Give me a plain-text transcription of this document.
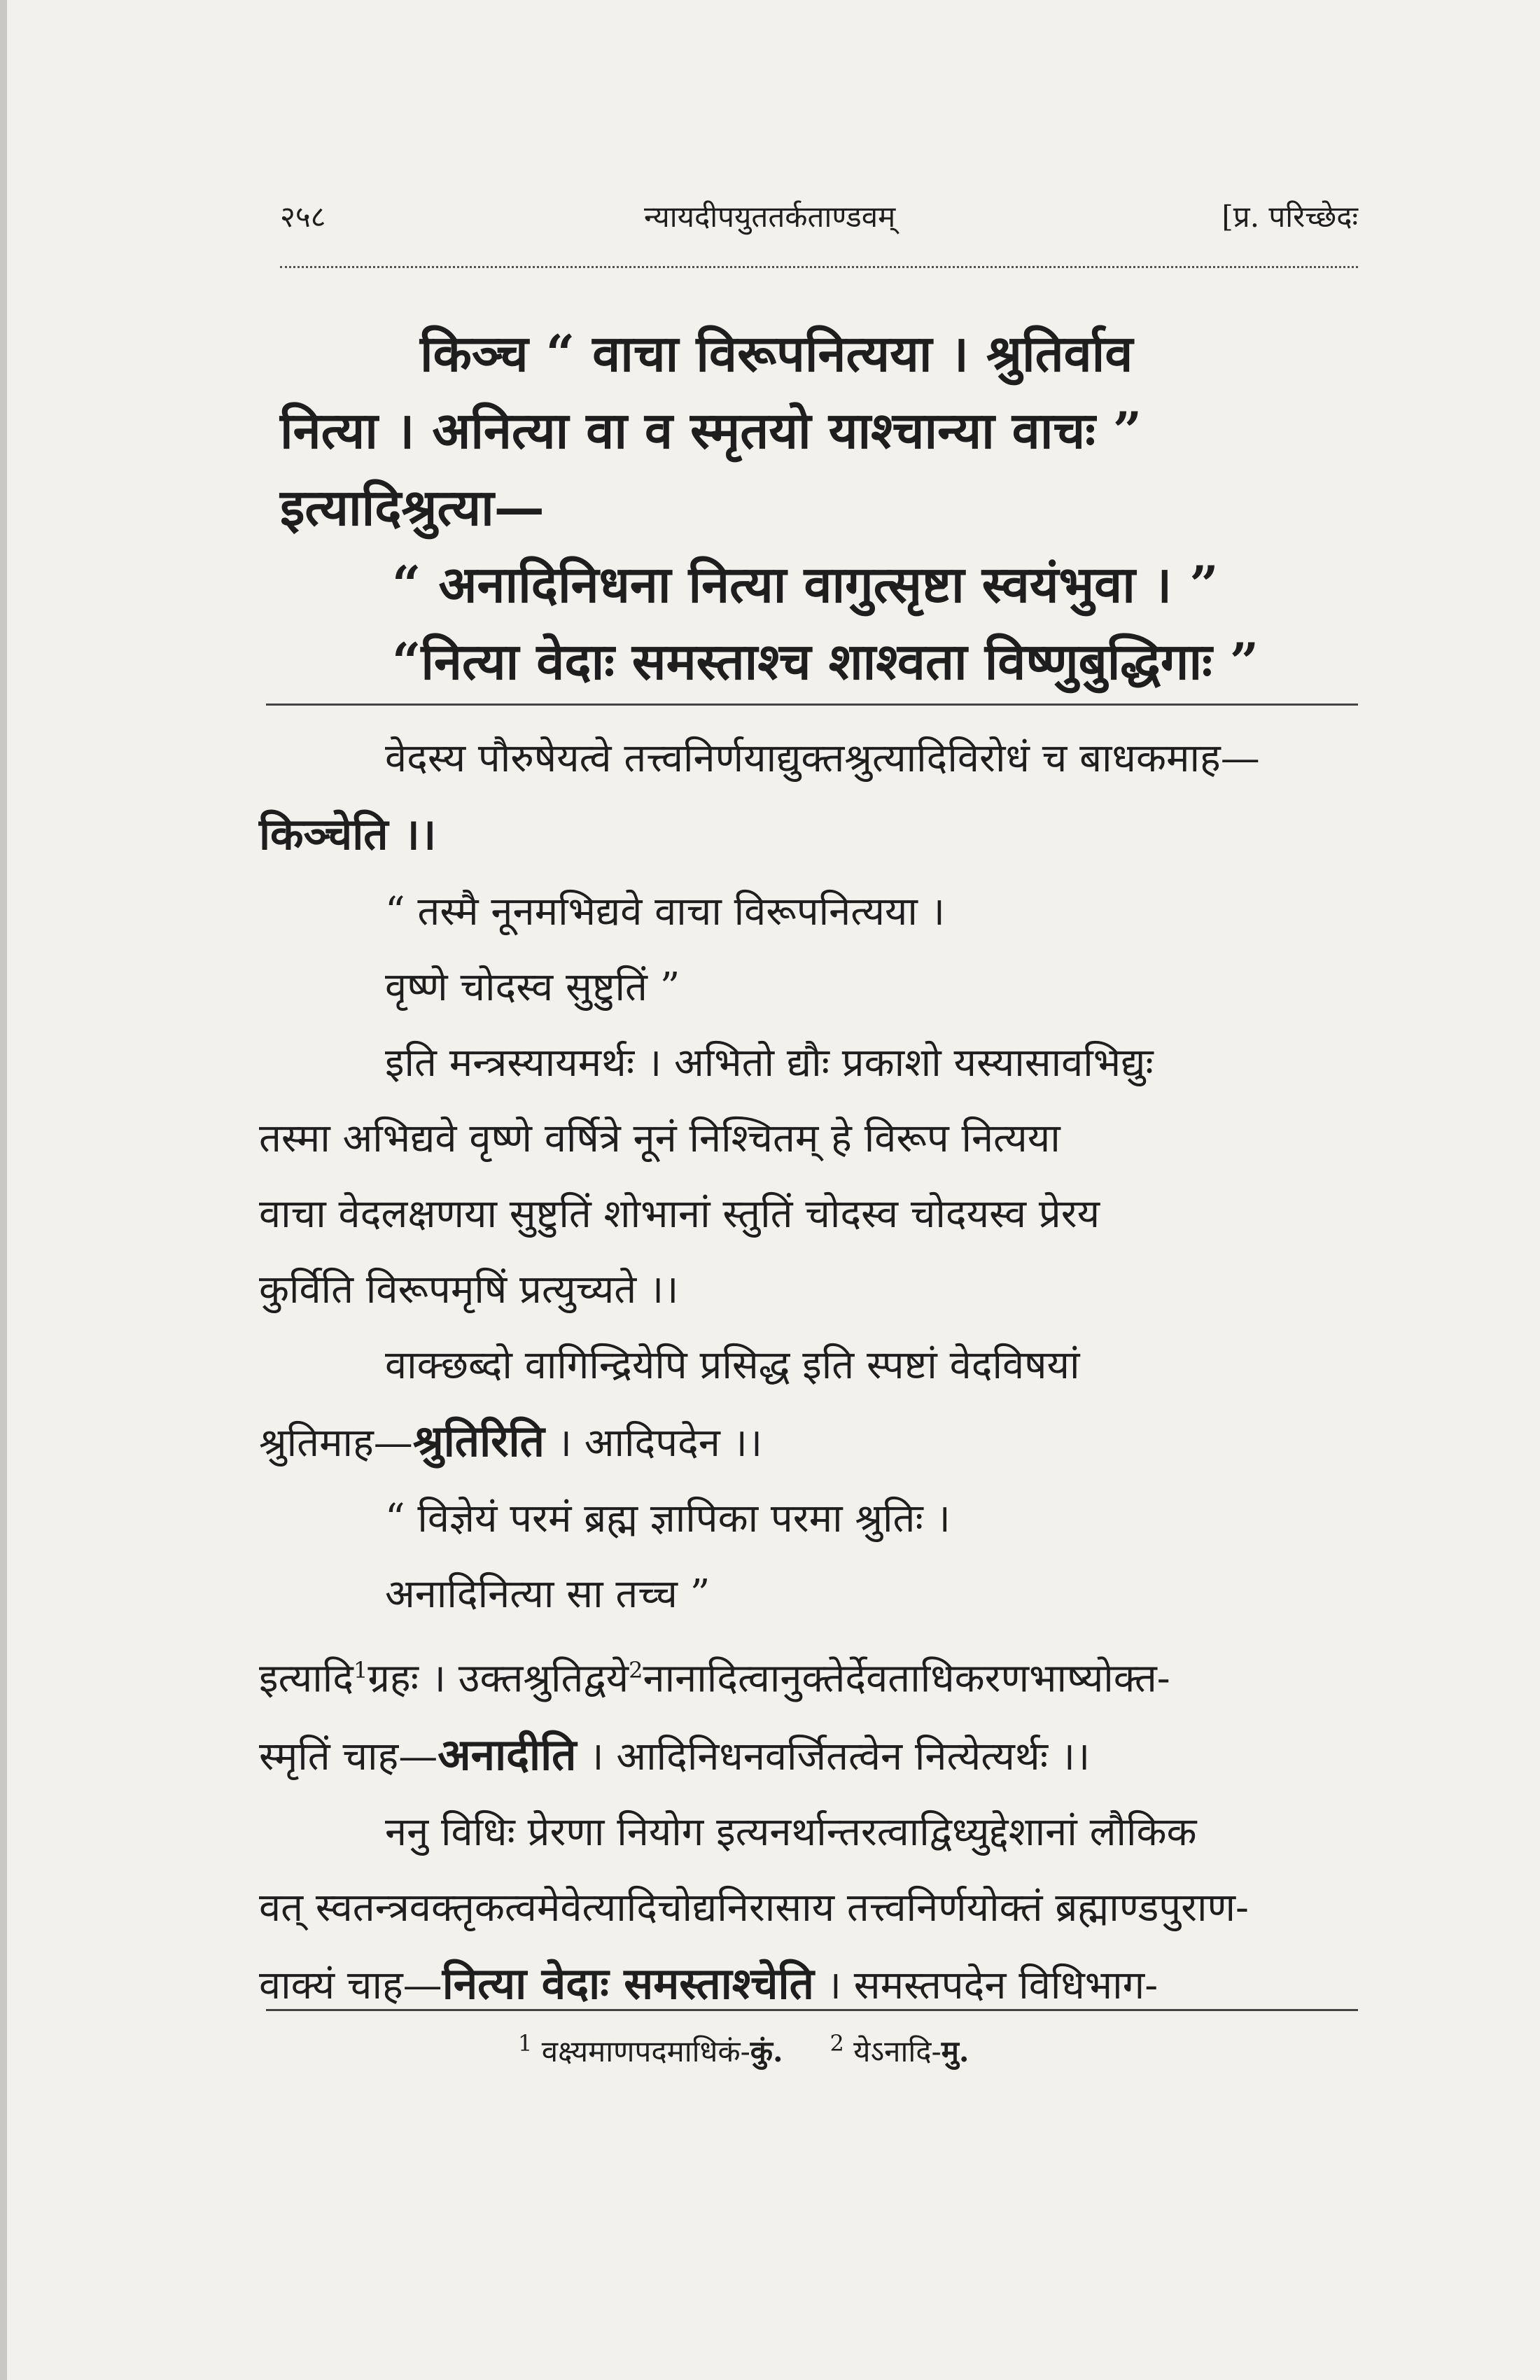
२५८	न्यायदीपयुततर्कताण्डवम्	[प्र. परिच्छेदः
किञ्च “ वाचा विरूपनित्यया । श्रुतिर्वाव
नित्या । अनित्या वा व स्मृतयो याश्चान्या वाचः ”
इत्यादिश्रुत्या—
“ अनादिनिधना नित्या वागुत्सृष्टा स्वयंभुवा । ”
“नित्या वेदाः समस्ताश्च शाश्वता विष्णुबुद्धिगाः ”
वेदस्य पौरुषेयत्वे तत्त्वनिर्णयाद्युक्तश्रुत्यादिविरोधं च बाधकमाह—
किञ्चेति ।।
“ तस्मै नूनमभिद्यवे वाचा विरूपनित्यया ।
वृष्णे चोदस्व सुष्टुतिं ”
इति मन्त्रस्यायमर्थः । अभितो द्यौः प्रकाशो यस्यासावभिद्युः
तस्मा अभिद्यवे वृष्णे वर्षित्रे नूनं निश्चितम् हे विरूप नित्यया
वाचा वेदलक्षणया सुष्टुतिं शोभानां स्तुतिं चोदस्व चोदयस्व प्रेरय
कुर्विति विरूपमृषिं प्रत्युच्यते ।।
वाक्छब्दो वागिन्द्रियेपि प्रसिद्ध इति स्पष्टां वेदविषयां
श्रुतिमाह—श्रुतिरिति । आदिपदेन ।।
“ विज्ञेयं परमं ब्रह्म ज्ञापिका परमा श्रुतिः ।
अनादिनित्या सा तच्च ”
इत्यादि$^1$ग्रहः । उक्तश्रुतिद्वये$^2$नानादित्वानुक्तेर्देवताधिकरणभाष्योक्त-
स्मृतिं चाह—अनादीति । आदिनिधनवर्जितत्वेन नित्येत्यर्थः ।।
ननु विधिः प्रेरणा नियोग इत्यनर्थान्तरत्वाद्विध्युद्देशानां लौकिक
वत् स्वतन्त्रवक्तृकत्वमेवेत्यादिचोद्यनिरासाय तत्त्वनिर्णयोक्तं ब्रह्माण्डपुराण-
वाक्यं चाह—नित्या वेदाः समस्ताश्चेति । समस्तपदेन विधिभाग-
$^1$ वक्ष्यमाणपदमाधिकं-कुं. $^2$ येऽनादि-मु.
